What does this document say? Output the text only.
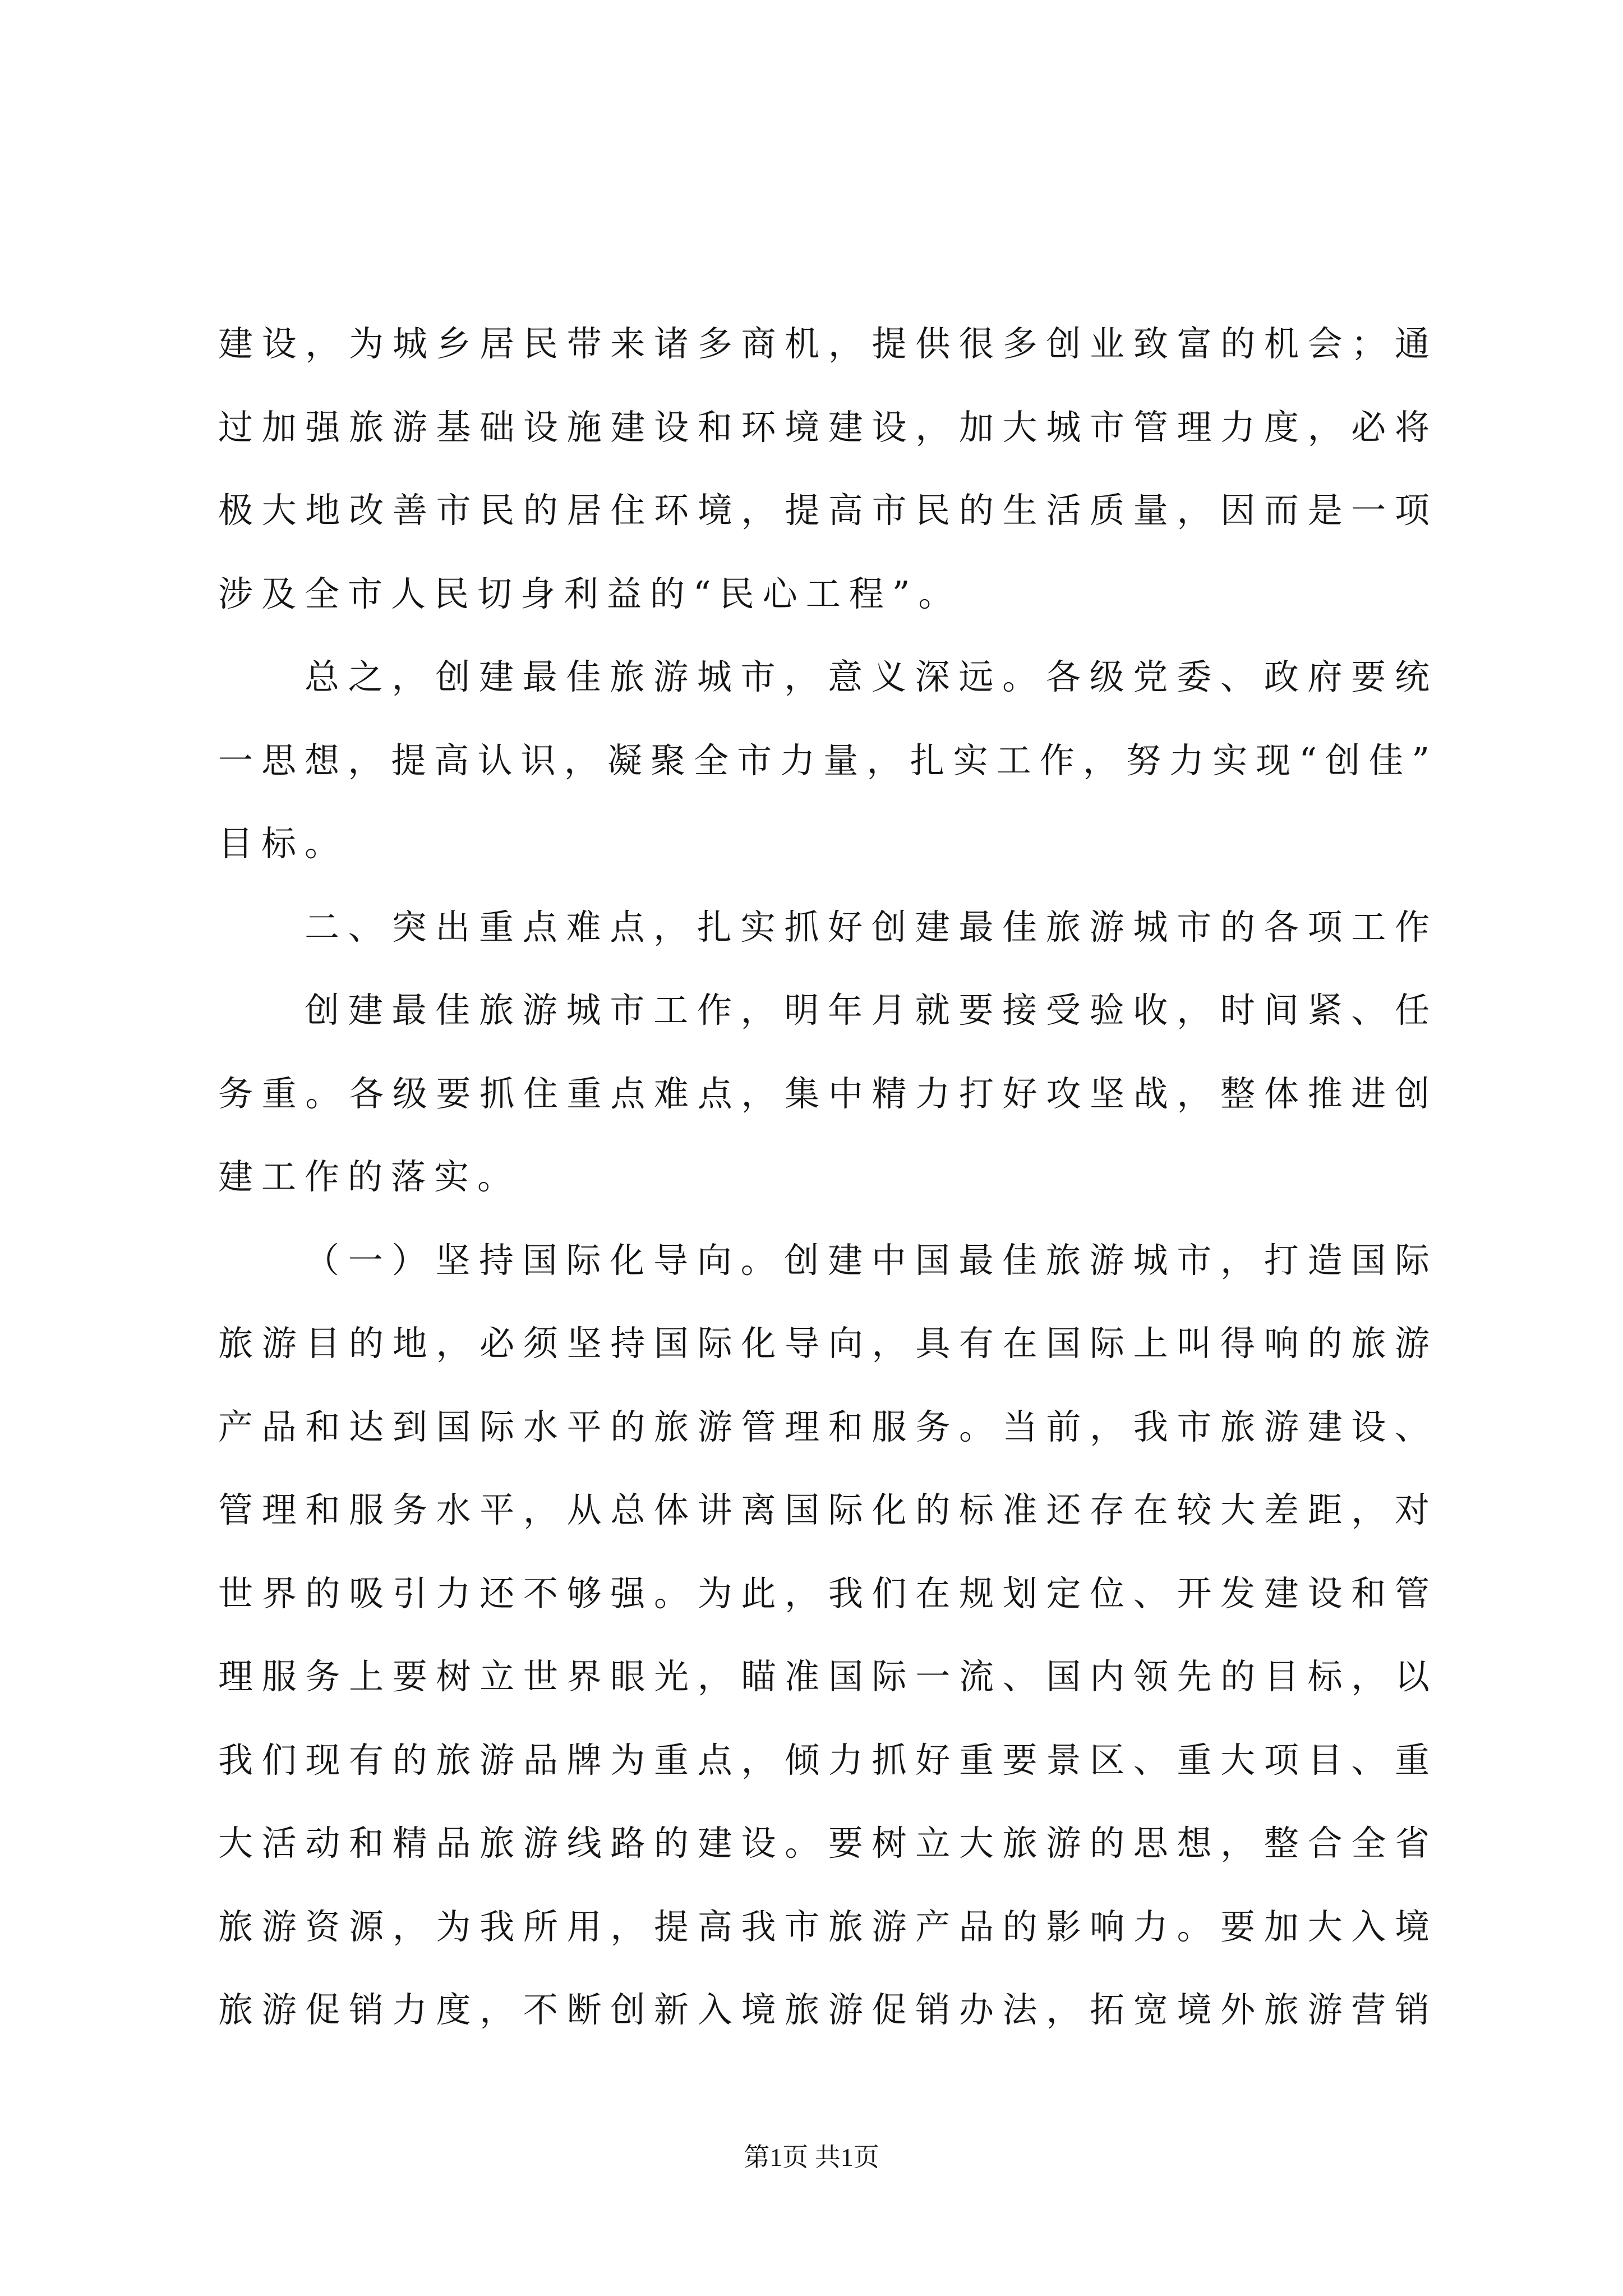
建设，为城乡居民带来诸多商机，提供很多创业致富的机会；通
过加强旅游基础设施建设和环境建设，加大城市管理力度，必将
极大地改善市民的居住环境，提高市民的生活质量，因而是一项
涉及全市人民切身利益的“民心工程”。
总之，创建最佳旅游城市，意义深远。各级党委、政府要统
一思想，提高认识，凝聚全市力量，扎实工作，努力实现“创佳”
目标。
二、突出重点难点，扎实抓好创建最佳旅游城市的各项工作
创建最佳旅游城市工作，明年月就要接受验收，时间紧、任
务重。各级要抓住重点难点，集中精力打好攻坚战，整体推进创
建工作的落实。
（一）坚持国际化导向。创建中国最佳旅游城市，打造国际
旅游目的地，必须坚持国际化导向，具有在国际上叫得响的旅游
产品和达到国际水平的旅游管理和服务。当前，我市旅游建设、
管理和服务水平，从总体讲离国际化的标准还存在较大差距，对
世界的吸引力还不够强。为此，我们在规划定位、开发建设和管
理服务上要树立世界眼光，瞄准国际一流、国内领先的目标，以
我们现有的旅游品牌为重点，倾力抓好重要景区、重大项目、重
大活动和精品旅游线路的建设。要树立大旅游的思想，整合全省
旅游资源，为我所用，提高我市旅游产品的影响力。要加大入境
旅游促销力度，不断创新入境旅游促销办法，拓宽境外旅游营销
第1页 共1页
